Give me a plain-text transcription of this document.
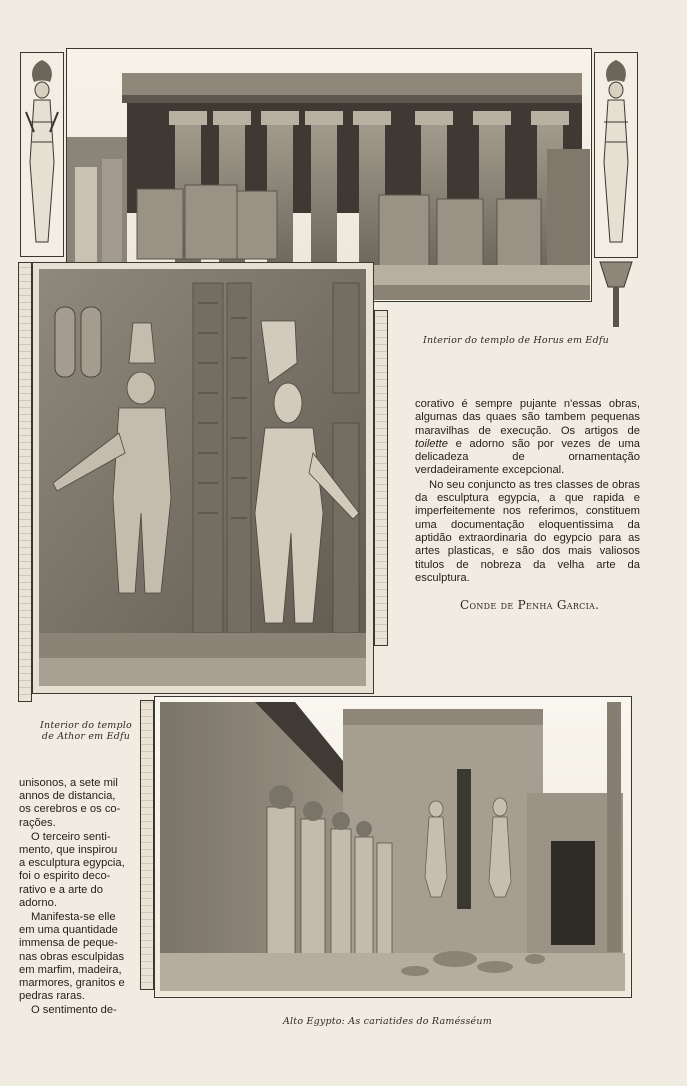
Interior do templo de Horus em Edfu
Interior do templo
de Athor em Edfu

corativo é sempre pujante n'essas obras, algumas das quaes são tambem pequenas maravilhas de execução. Os artigos de toilette e adorno são por vezes de uma delicadeza de ornamentação verdadeiramente excepcional.

No seu conjuncto as tres classes de obras da esculptura egypcia, a que rapida e imperfeitemente nos referimos, constituem uma documentação eloquentissima da aptidão extraordinaria do egypcio para as artes plasticas, e são dos mais valiosos titulos de nobreza da velha arte da esculptura.

Conde de Penha Garcia.

unisonos, a sete mil
annos de distancia,
os cerebros e os co-
rações.

O terceiro senti-
mento, que inspirou
a esculptura egypcia,
foi o espirito deco-
rativo e a arte do
adorno.

Manifesta-se elle
em uma quantidade
immensa de peque-
nas obras esculpidas
em marfim, madeira,
marmores, granitos e
pedras raras.

O sentimento de-

Alto Egypto: As cariatides do Ramésséum
